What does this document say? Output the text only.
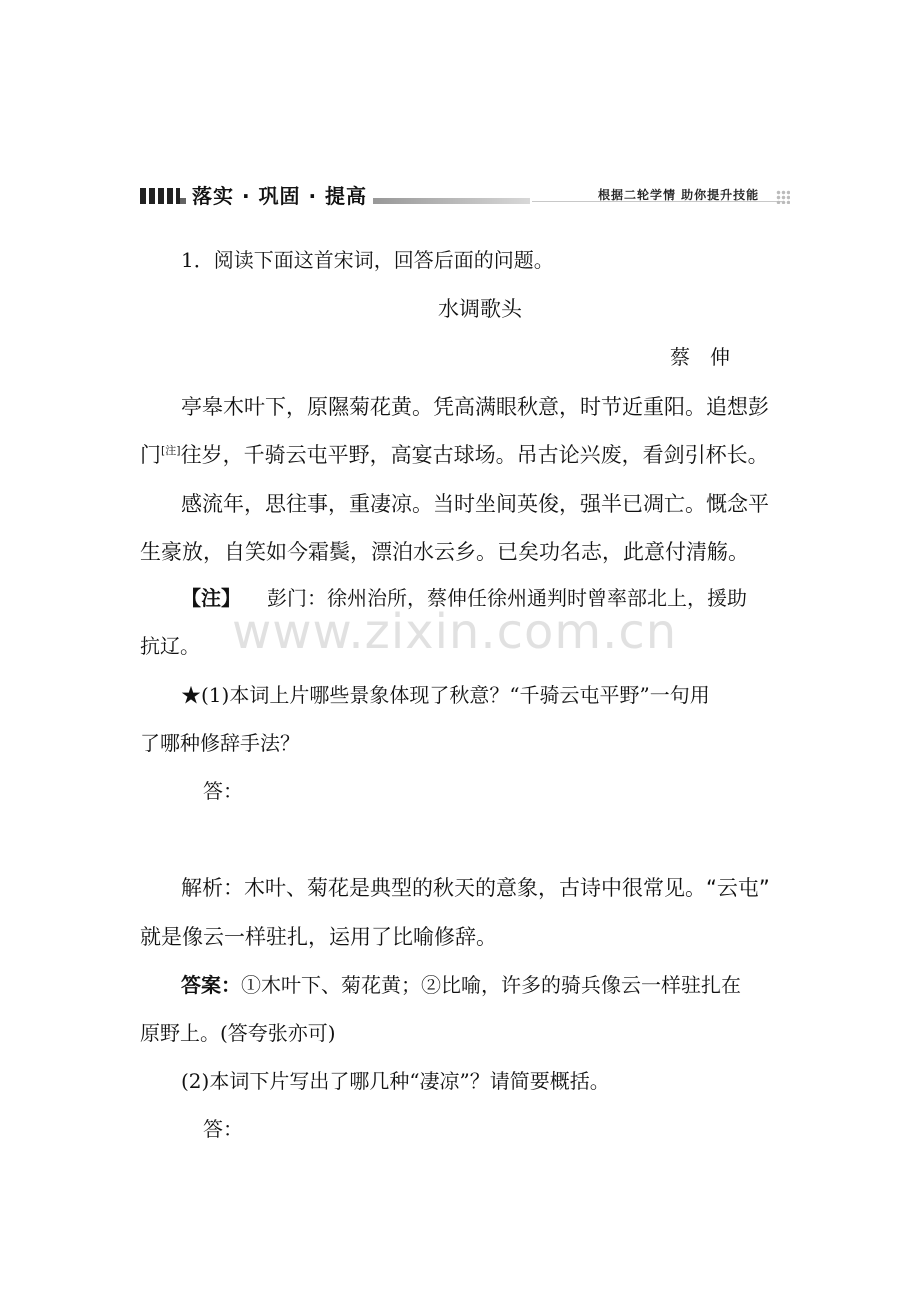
落实 · 巩固 · 提高	根据二轮学情 助你提升技能
1．阅读下面这首宋词，回答后面的问题。
水调歌头
蔡　伸
亭皋木叶下，原隰菊花黄。凭高满眼秋意，时节近重阳。追想彭
门[注]往岁，千骑云屯平野，高宴古球场。吊古论兴废，看剑引杯长。
感流年，思往事，重凄凉。当时坐间英俊，强半已凋亡。慨念平
生豪放，自笑如今霜鬓，漂泊水云乡。已矣功名志，此意付清觞。
【注】 彭门：徐州治所，蔡伸任徐州通判时曾率部北上，援助
抗辽。 www.zixin.com.cn
★(1)本词上片哪些景象体现了秋意？“千骑云屯平野”一句用
了哪种修辞手法？
答：
解析：木叶、菊花是典型的秋天的意象，古诗中很常见。“云屯”
就是像云一样驻扎，运用了比喻修辞。
答案：①木叶下、菊花黄；②比喻，许多的骑兵像云一样驻扎在
原野上。(答夸张亦可)
(2)本词下片写出了哪几种“凄凉”？请简要概括。
答：
